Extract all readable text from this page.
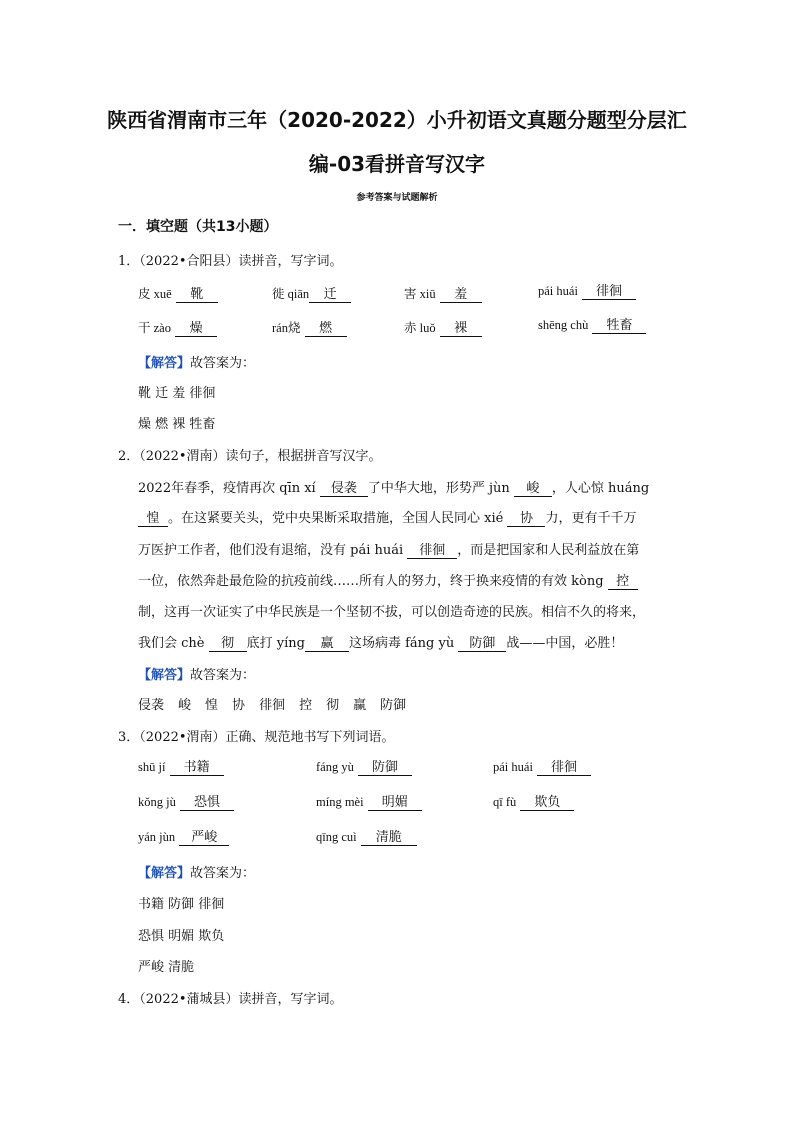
陕西省渭南市三年（2020-2022）小升初语文真题分题型分层汇
编-03看拼音写汉字
参考答案与试题解析
一．填空题（共13小题）
1．（2022•合阳县）读拼音，写字词。
皮 xuē 靴	徙 qiān 迁	害 xiū 羞	pái huái 徘徊
干 zào 燥	rán烧 燃	赤 luǒ 裸	shēng chù 牲畜
【解答】故答案为：
靴 迁 羞 徘徊
燥 燃 裸 牲畜
2．（2022•渭南）读句子，根据拼音写汉字。
2022年春季，疫情再次 qīn xí 侵袭 了中华大地，形势严 jùn 峻 ，人心惊 huáng
惶 。在这紧要关头，党中央果断采取措施，全国人民同心 xié 协 力，更有千千万
万医护工作者，他们没有退缩，没有 pái huái 徘徊 ，而是把国家和人民利益放在第
一位，依然奔赴最危险的抗疫前线……所有人的努力，终于换来疫情的有效 kòng 控
制，这再一次证实了中华民族是一个坚韧不拔，可以创造奇迹的民族。相信不久的将来，
我们会 chè 彻 底打 yíng 赢 这场病毒 fáng yù 防御 战——中国，必胜！
【解答】故答案为：
侵袭 峻 惶 协 徘徊 控 彻 赢 防御
3．（2022•渭南）正确、规范地书写下列词语。
shū jí 书籍	fáng yù 防御	pái huái 徘徊
kǒng jù 恐惧	míng mèi 明媚	qī fù 欺负
yán jùn 严峻	qīng cuì 清脆
【解答】故答案为：
书籍 防御 徘徊
恐惧 明媚 欺负
严峻 清脆
4．（2022•蒲城县）读拼音，写字词。
